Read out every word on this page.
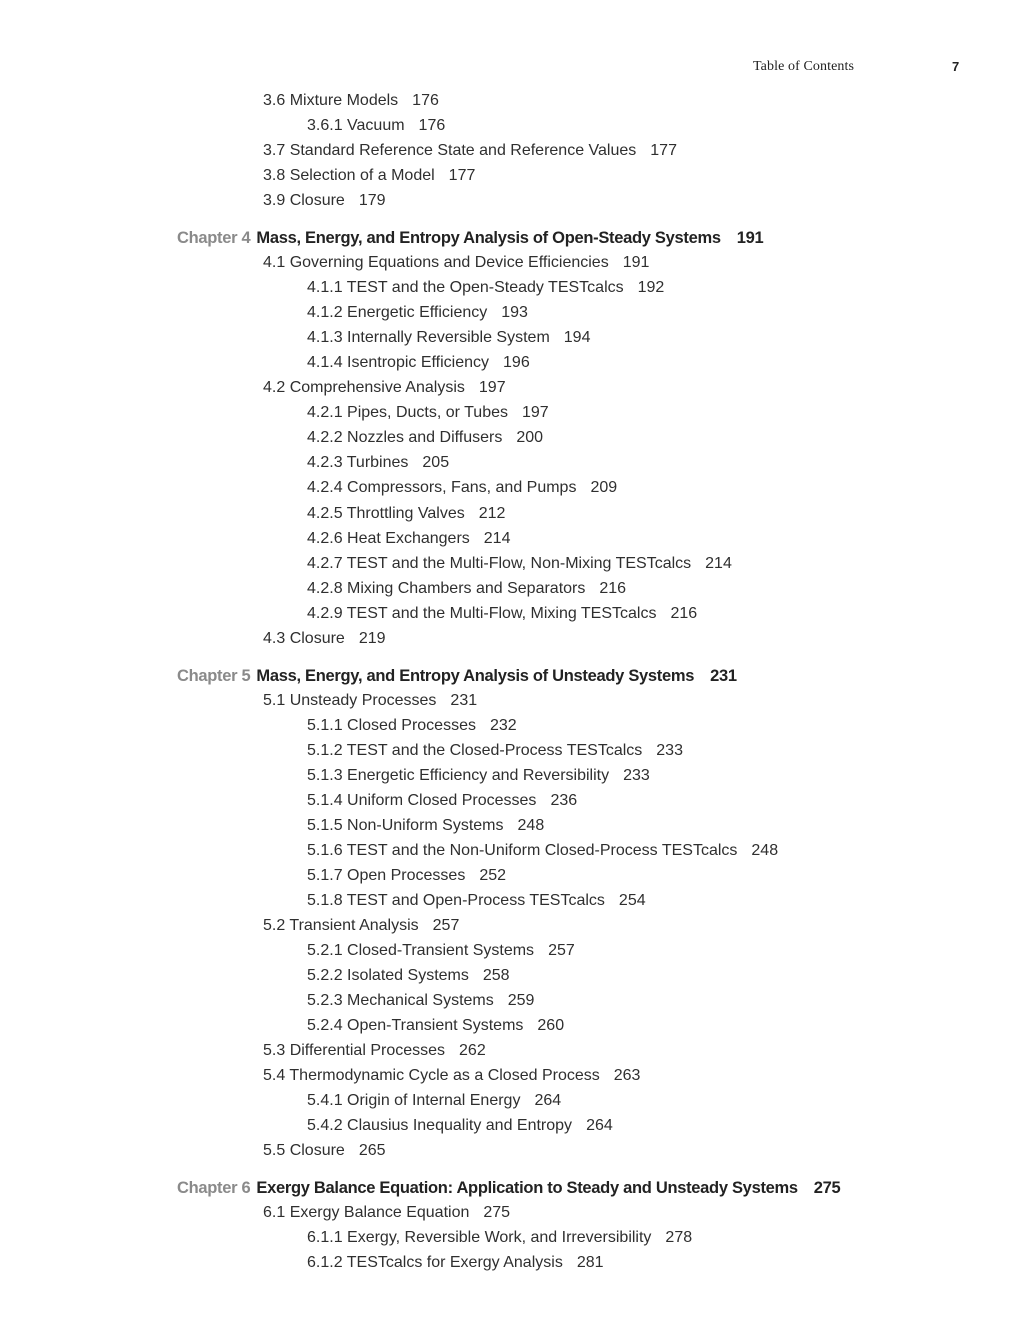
Table of Contents	7
3.6 Mixture Models 176
3.6.1 Vacuum 176
3.7 Standard Reference State and Reference Values 177
3.8 Selection of a Model 177
3.9 Closure 179
Chapter 4 Mass, Energy, and Entropy Analysis of Open-Steady Systems 191
4.1 Governing Equations and Device Efficiencies 191
4.1.1 TEST and the Open-Steady TESTcalcs 192
4.1.2 Energetic Efficiency 193
4.1.3 Internally Reversible System 194
4.1.4 Isentropic Efficiency 196
4.2 Comprehensive Analysis 197
4.2.1 Pipes, Ducts, or Tubes 197
4.2.2 Nozzles and Diffusers 200
4.2.3 Turbines 205
4.2.4 Compressors, Fans, and Pumps 209
4.2.5 Throttling Valves 212
4.2.6 Heat Exchangers 214
4.2.7 TEST and the Multi-Flow, Non-Mixing TESTcalcs 214
4.2.8 Mixing Chambers and Separators 216
4.2.9 TEST and the Multi-Flow, Mixing TESTcalcs 216
4.3 Closure 219
Chapter 5 Mass, Energy, and Entropy Analysis of Unsteady Systems 231
5.1 Unsteady Processes 231
5.1.1 Closed Processes 232
5.1.2 TEST and the Closed-Process TESTcalcs 233
5.1.3 Energetic Efficiency and Reversibility 233
5.1.4 Uniform Closed Processes 236
5.1.5 Non-Uniform Systems 248
5.1.6 TEST and the Non-Uniform Closed-Process TESTcalcs 248
5.1.7 Open Processes 252
5.1.8 TEST and Open-Process TESTcalcs 254
5.2 Transient Analysis 257
5.2.1 Closed-Transient Systems 257
5.2.2 Isolated Systems 258
5.2.3 Mechanical Systems 259
5.2.4 Open-Transient Systems 260
5.3 Differential Processes 262
5.4 Thermodynamic Cycle as a Closed Process 263
5.4.1 Origin of Internal Energy 264
5.4.2 Clausius Inequality and Entropy 264
5.5 Closure 265
Chapter 6 Exergy Balance Equation: Application to Steady and Unsteady Systems 275
6.1 Exergy Balance Equation 275
6.1.1 Exergy, Reversible Work, and Irreversibility 278
6.1.2 TESTcalcs for Exergy Analysis 281
